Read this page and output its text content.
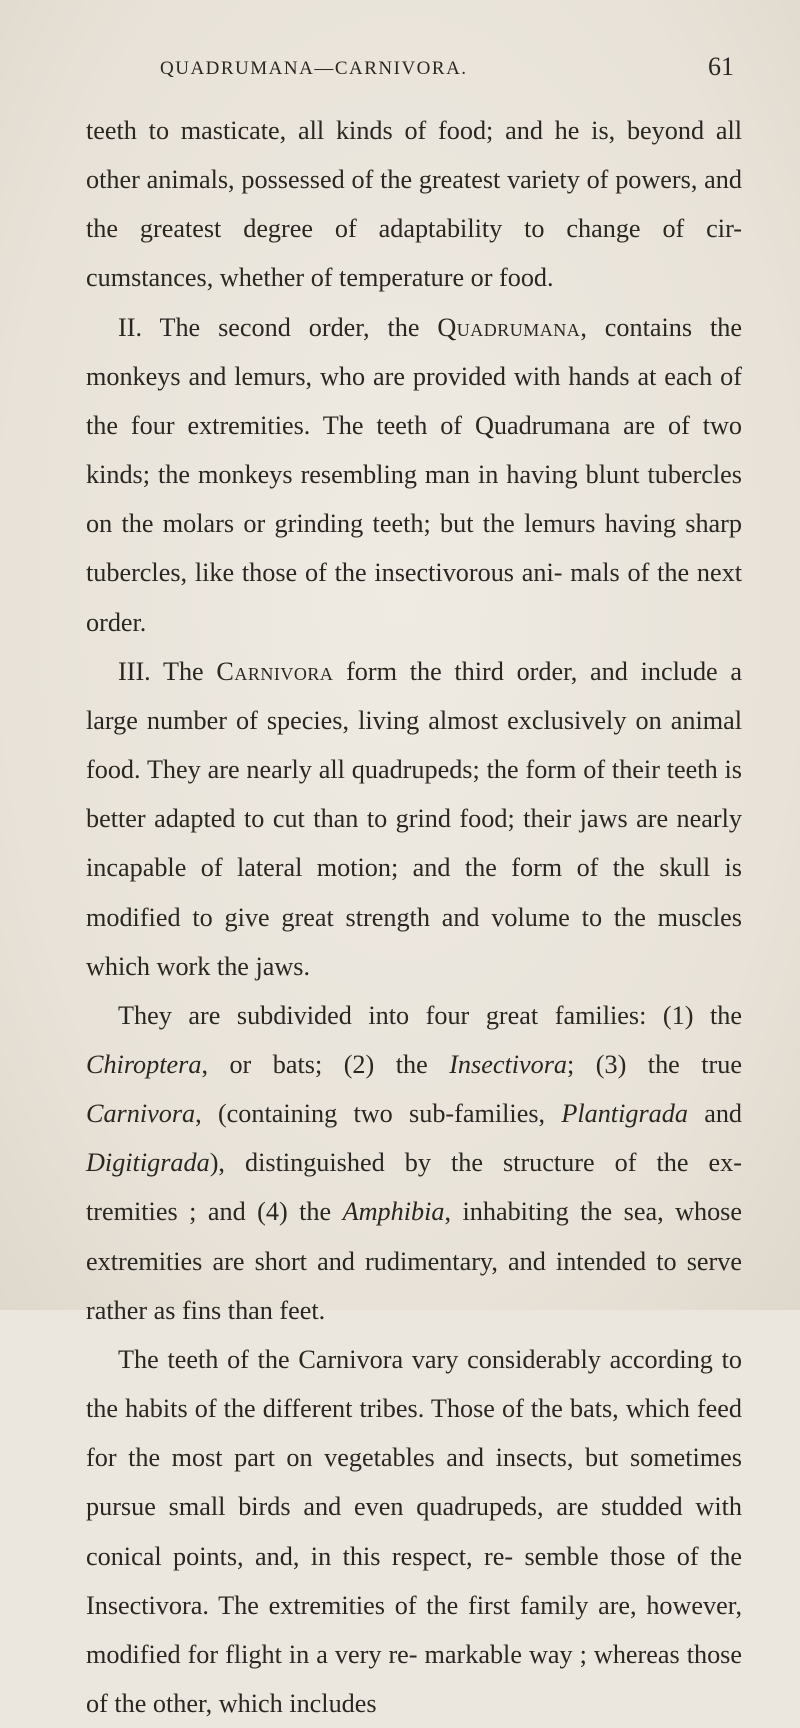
QUADRUMANA—CARNIVORA.	61

teeth to masticate, all kinds of food; and he is, beyond all other animals, possessed of the greatest variety of powers, and the greatest degree of adaptability to change of cir- cumstances, whether of temperature or food.

II. The second order, the Quadrumana, contains the monkeys and lemurs, who are provided with hands at each of the four extremities. The teeth of Quadrumana are of two kinds; the monkeys resembling man in having blunt tubercles on the molars or grinding teeth; but the lemurs having sharp tubercles, like those of the insectivorous ani- mals of the next order.

III. The Carnivora form the third order, and include a large number of species, living almost exclusively on animal food. They are nearly all quadrupeds; the form of their teeth is better adapted to cut than to grind food; their jaws are nearly incapable of lateral motion; and the form of the skull is modified to give great strength and volume to the muscles which work the jaws.

They are subdivided into four great families: (1) the Chiroptera, or bats; (2) the Insectivora; (3) the true Carnivora, (containing two sub-families, Plantigrada and Digitigrada), distinguished by the structure of the ex- tremities ; and (4) the Amphibia, inhabiting the sea, whose extremities are short and rudimentary, and intended to serve rather as fins than feet.

The teeth of the Carnivora vary considerably according to the habits of the different tribes. Those of the bats, which feed for the most part on vegetables and insects, but sometimes pursue small birds and even quadrupeds, are studded with conical points, and, in this respect, re- semble those of the Insectivora. The extremities of the first family are, however, modified for flight in a very re- markable way ; whereas those of the other, which includes
